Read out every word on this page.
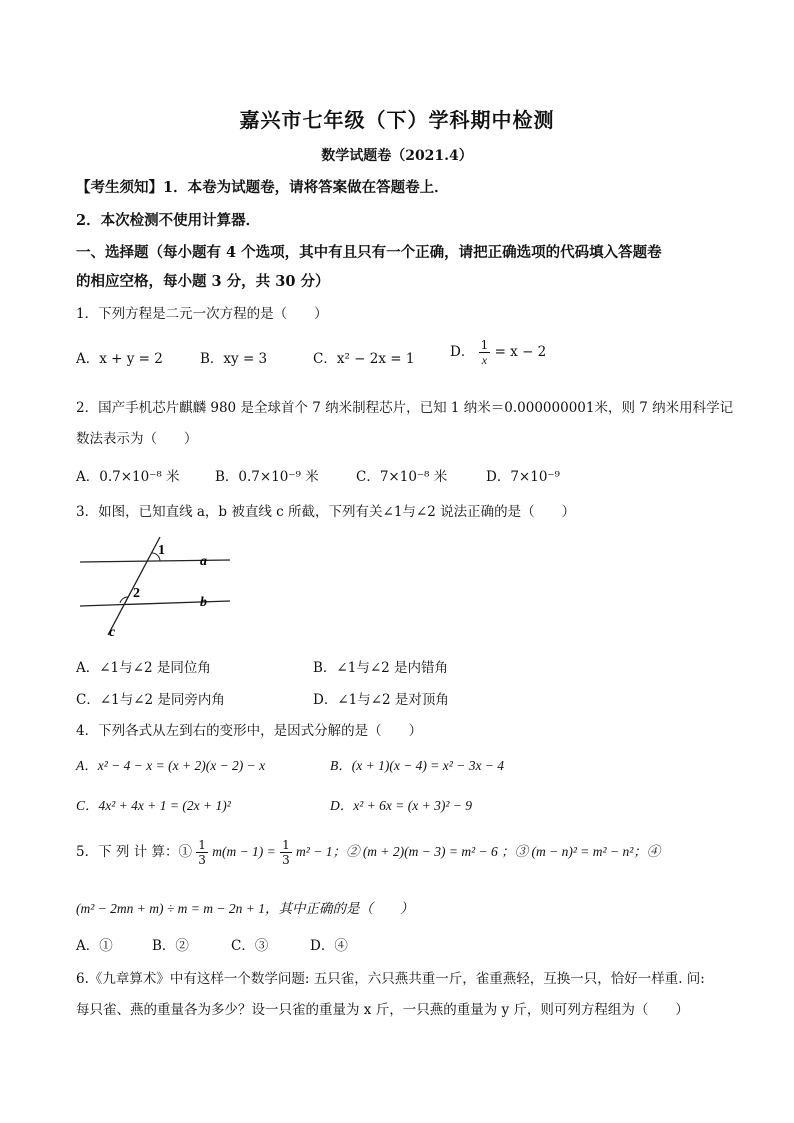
嘉兴市七年级（下）学科期中检测
数学试题卷（2021.4）
【考生须知】1．本卷为试题卷，请将答案做在答题卷上．
2．本次检测不使用计算器．
一、选择题（每小题有 4 个选项，其中有且只有一个正确，请把正确选项的代码填入答题卷
的相应空格，每小题 3 分，共 30 分）
1．下列方程是二元一次方程的是（　　）
A．x + y = 2	B．xy = 3	C．x² − 2x = 1	D． $\frac{1}{x} = x - 2$
2．国产手机芯片麒麟 980 是全球首个 7 纳米制程芯片，已知 1 纳米＝0.000000001米，则 7 纳米用科学记
数法表示为（　　）
A．0.7×10⁻⁸ 米	B．0.7×10⁻⁹ 米	C．7×10⁻⁸ 米	D．7×10⁻⁹
3．如图，已知直线 a，b 被直线 c 所截，下列有关∠1与∠2 说法正确的是（　　）
1
2
a
b
c
A．∠1与∠2 是同位角	B．∠1与∠2 是内错角
C．∠1与∠2 是同旁内角	D．∠1与∠2 是对顶角
4．下列各式从左到右的变形中，是因式分解的是（　　）
A．x² − 4 − x = (x + 2)(x − 2) − x	B．(x + 1)(x − 4) = x² − 3x − 4
C．4x² + 4x + 1 = (2x + 1)²	D．x² + 6x = (x + 3)² − 9
5．下 列 计 算：① $\frac{1}{3} m(m - 1) = \frac{1}{3} m^2 - 1$；② (m + 2)(m − 3) = m² − 6 ；③ (m − n)² = m² − n²；④
(m² − 2mn + m) ÷ m = m − 2n + 1，其中正确的是（　　）
A．①	B．②	C．③	D．④
6.《九章算术》中有这样一个数学问题: 五只雀，六只燕共重一斤，雀重燕轻，互换一只，恰好一样重. 问:
每只雀、燕的重量各为多少？设一只雀的重量为 x 斤，一只燕的重量为 y 斤，则可列方程组为（　　）
